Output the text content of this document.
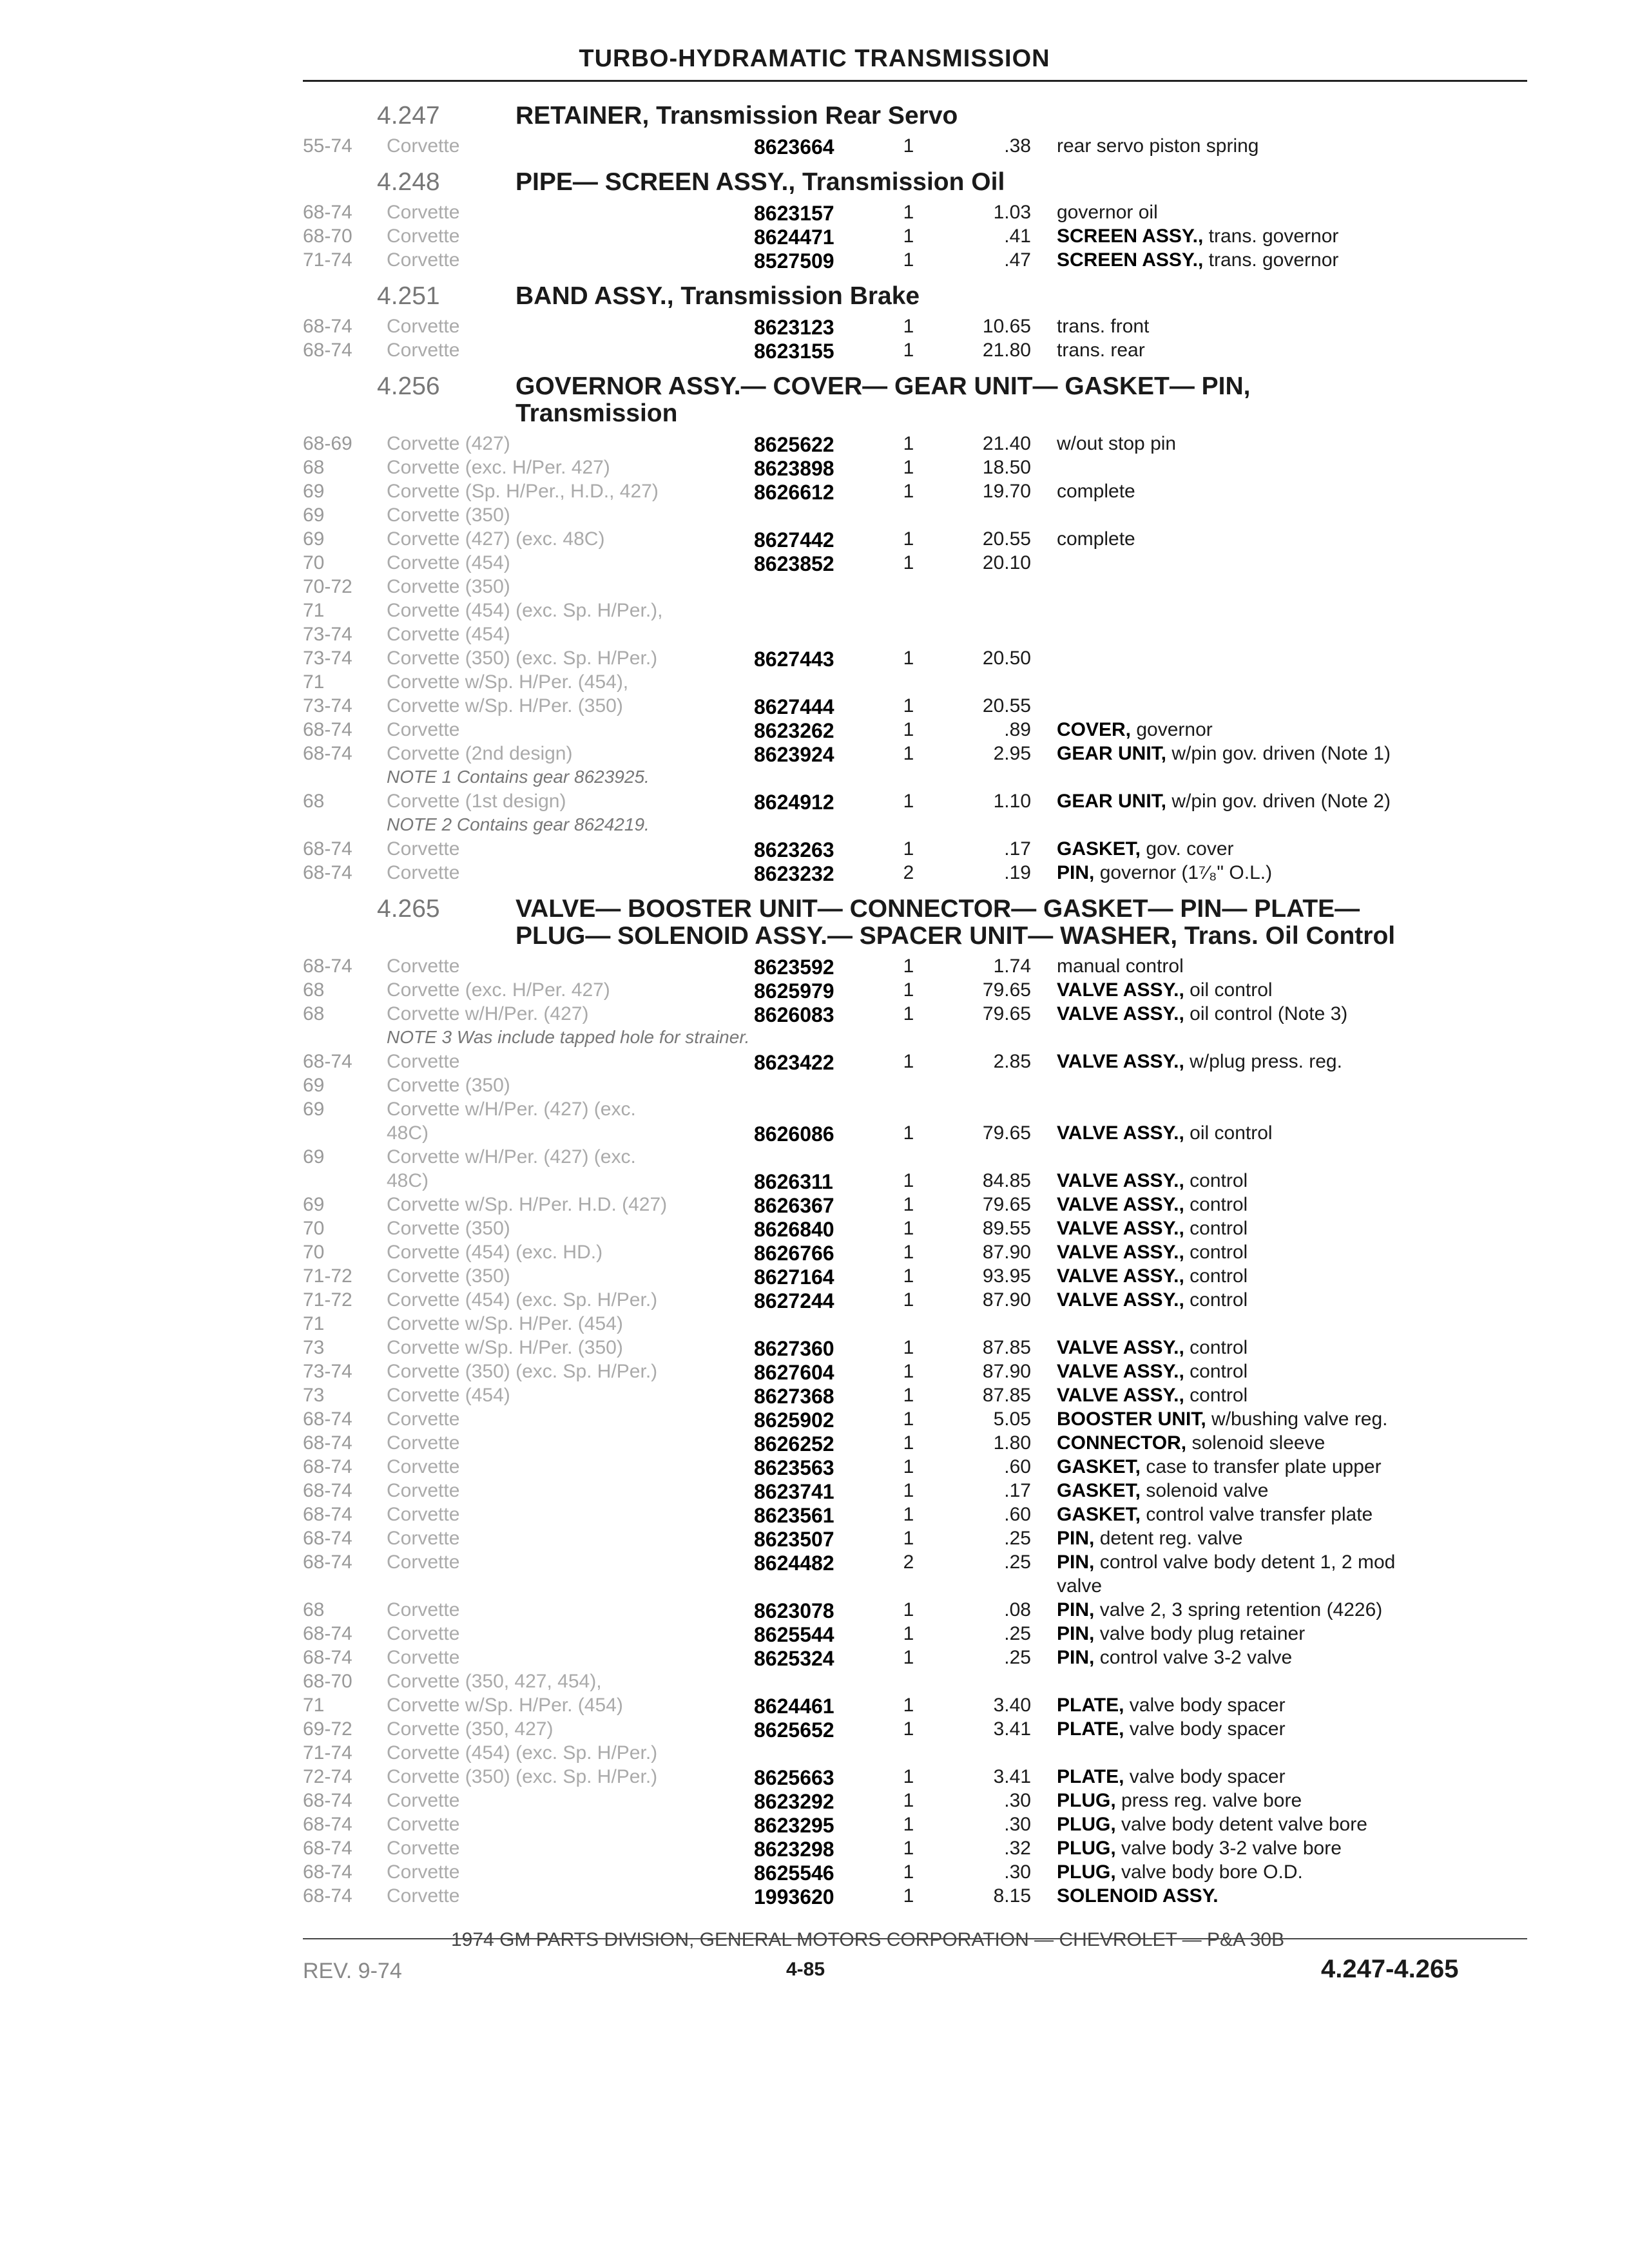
TURBO-HYDRAMATIC TRANSMISSION
4.247	RETAINER, Transmission Rear Servo
55-74 Corvette	8623664	1	.38 rear servo piston spring
4.248	PIPE— SCREEN ASSY., Transmission Oil
68-74 Corvette	8623157	1	1.03 governor oil
68-70 Corvette	8624471	1	.41 SCREEN ASSY., trans. governor
71-74 Corvette	8527509	1	.47 SCREEN ASSY., trans. governor
4.251	BAND ASSY., Transmission Brake
68-74 Corvette	8623123	1	10.65 trans. front
68-74 Corvette	8623155	1	21.80 trans. rear
4.256	GOVERNOR ASSY.— COVER— GEAR UNIT— GASKET— PIN,
Transmission
68-69 Corvette (427)	8625622	1	21.40 w/out stop pin
68	Corvette (exc. H/Per. 427)	8623898	1	18.50
69	Corvette (Sp. H/Per., H.D., 427)	8626612	1	19.70 complete
69	Corvette (350)
69	Corvette (427) (exc. 48C)	8627442	1	20.55 complete
70	Corvette (454)	8623852	1	20.10
70-72 Corvette (350)
71	Corvette (454) (exc. Sp. H/Per.),
73-74 Corvette (454)
73-74 Corvette (350) (exc. Sp. H/Per.)	8627443	1	20.50
71	Corvette w/Sp. H/Per. (454),
73-74 Corvette w/Sp. H/Per. (350)	8627444	1	20.55
68-74 Corvette	8623262	1	.89 COVER, governor
68-74 Corvette (2nd design)	8623924	1	2.95 GEAR UNIT, w/pin gov. driven (Note 1)
NOTE 1 Contains gear 8623925.
68	Corvette (1st design)	8624912	1	1.10 GEAR UNIT, w/pin gov. driven (Note 2)
NOTE 2 Contains gear 8624219.
68-74 Corvette	8623263	1	.17 GASKET, gov. cover
68-74 Corvette	8623232	2	.19 PIN, governor (1⁷⁄₈" O.L.)
4.265	VALVE— BOOSTER UNIT— CONNECTOR— GASKET— PIN— PLATE—
PLUG— SOLENOID ASSY.— SPACER UNIT— WASHER, Trans. Oil Control
68-74 Corvette	8623592	1	1.74 manual control
68	Corvette (exc. H/Per. 427)	8625979	1	79.65 VALVE ASSY., oil control
68	Corvette w/H/Per. (427)	8626083	1	79.65 VALVE ASSY., oil control (Note 3)
NOTE 3 Was include tapped hole for strainer.
68-74 Corvette	8623422	1	2.85 VALVE ASSY., w/plug press. reg.
69	Corvette (350)
69	Corvette w/H/Per. (427) (exc.
48C)	8626086	1	79.65 VALVE ASSY., oil control
69	Corvette w/H/Per. (427) (exc.
48C)	8626311	1	84.85 VALVE ASSY., control
69	Corvette w/Sp. H/Per. H.D. (427)	8626367	1	79.65 VALVE ASSY., control
70	Corvette (350)	8626840	1	89.55 VALVE ASSY., control
70	Corvette (454) (exc. HD.)	8626766	1	87.90 VALVE ASSY., control
71-72 Corvette (350)	8627164	1	93.95 VALVE ASSY., control
71-72 Corvette (454) (exc. Sp. H/Per.)	8627244	1	87.90 VALVE ASSY., control
71	Corvette w/Sp. H/Per. (454)
73	Corvette w/Sp. H/Per. (350)	8627360	1	87.85 VALVE ASSY., control
73-74 Corvette (350) (exc. Sp. H/Per.)	8627604	1	87.90 VALVE ASSY., control
73	Corvette (454)	8627368	1	87.85 VALVE ASSY., control
68-74 Corvette	8625902	1	5.05 BOOSTER UNIT, w/bushing valve reg.
68-74 Corvette	8626252	1	1.80 CONNECTOR, solenoid sleeve
68-74 Corvette	8623563	1	.60 GASKET, case to transfer plate upper
68-74 Corvette	8623741	1	.17 GASKET, solenoid valve
68-74 Corvette	8623561	1	.60 GASKET, control valve transfer plate
68-74 Corvette	8623507	1	.25 PIN, detent reg. valve
68-74 Corvette	8624482	2	.25 PIN, control valve body detent 1, 2 mod
valve
68	Corvette	8623078	1	.08 PIN, valve 2, 3 spring retention (4226)
68-74 Corvette	8625544	1	.25 PIN, valve body plug retainer
68-74 Corvette	8625324	1	.25 PIN, control valve 3-2 valve
68-70 Corvette (350, 427, 454),
71	Corvette w/Sp. H/Per. (454)	8624461	1	3.40 PLATE, valve body spacer
69-72 Corvette (350, 427)	8625652	1	3.41 PLATE, valve body spacer
71-74 Corvette (454) (exc. Sp. H/Per.)
72-74 Corvette (350) (exc. Sp. H/Per.)	8625663	1	3.41 PLATE, valve body spacer
68-74 Corvette	8623292	1	.30 PLUG, press reg. valve bore
68-74 Corvette	8623295	1	.30 PLUG, valve body detent valve bore
68-74 Corvette	8623298	1	.32 PLUG, valve body 3-2 valve bore
68-74 Corvette	8625546	1	.30 PLUG, valve body bore O.D.
68-74 Corvette	1993620	1	8.15 SOLENOID ASSY.
1974 GM PARTS DIVISION, GENERAL MOTORS CORPORATION — CHEVROLET — P&A 30B
REV. 9-74	4-85	4.247-4.265
